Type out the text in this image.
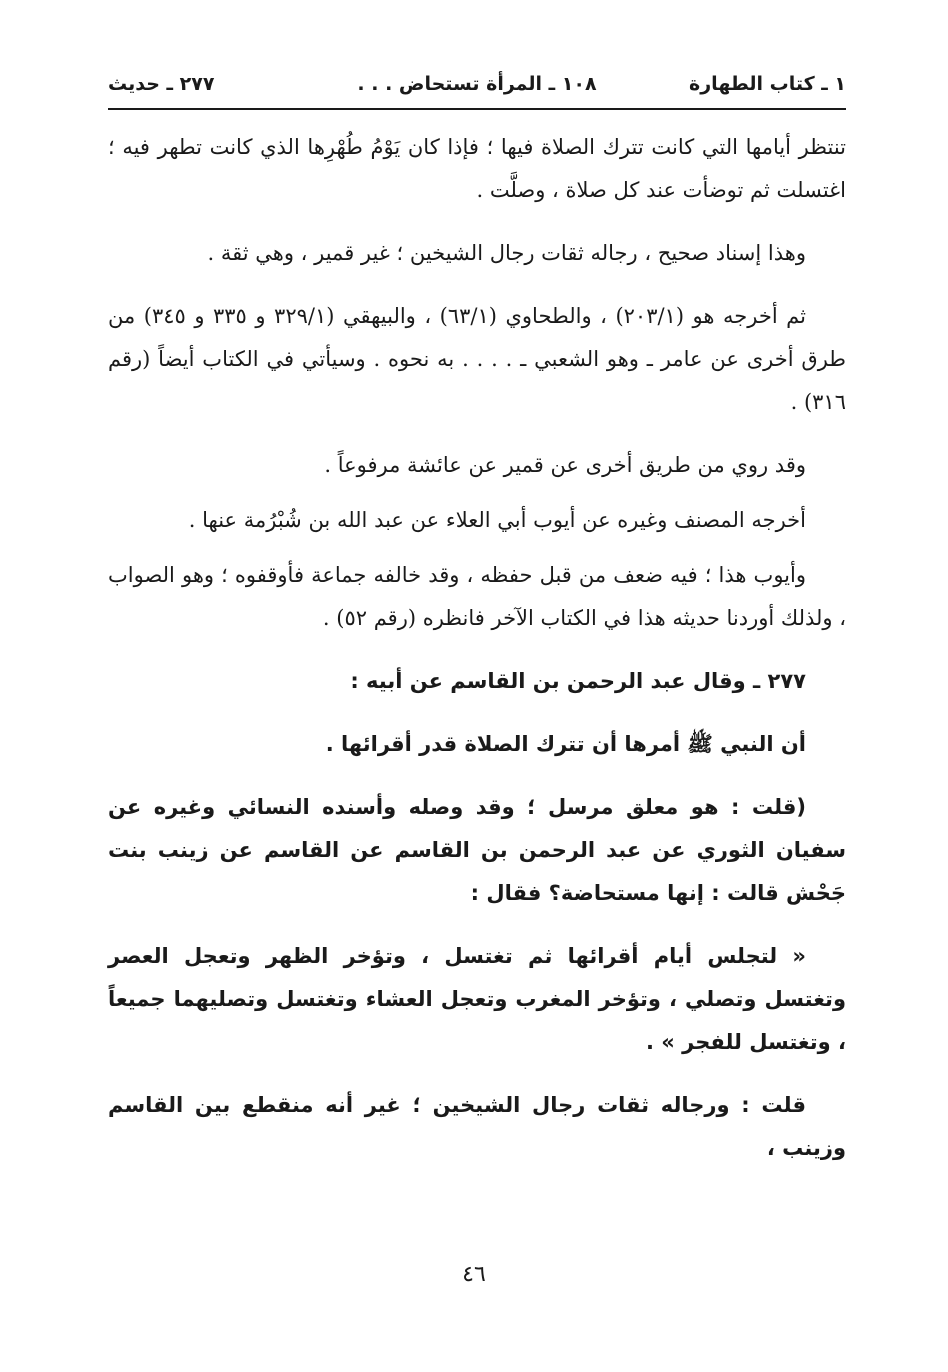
١ ـ كتاب الطهارة
١٠٨ ـ المرأة تستحاض . . .
٢٧٧ ـ حديث

تنتظر أيامها التي كانت تترك الصلاة فيها ؛ فإذا كان يَوْمُ طُهْرِها الذي كانت تطهر فيه ؛ اغتسلت ثم توضأت عند كل صلاة ، وصلَّت .

وهذا إسناد صحيح ، رجاله ثقات رجال الشيخين ؛ غير قمير ، وهي ثقة .

ثم أخرجه هو (٢٠٣/١) ، والطحاوي (٦٣/١) ، والبيهقي (٣٢٩/١ و ٣٣٥ و ٣٤٥) من طرق أخرى عن عامر ـ وهو الشعبي ـ . . . . به نحوه . وسيأتي في الكتاب أيضاً (رقم ٣١٦) .

وقد روي من طريق أخرى عن قمير عن عائشة مرفوعاً .

أخرجه المصنف وغيره عن أيوب أبي العلاء عن عبد الله بن شُبْرُمة عنها .

وأيوب هذا ؛ فيه ضعف من قبل حفظه ، وقد خالفه جماعة فأوقفوه ؛ وهو الصواب ، ولذلك أوردنا حديثه هذا في الكتاب الآخر فانظره (رقم ٥٢) .

٢٧٧ ـ وقال عبد الرحمن بن القاسم عن أبيه :

أن النبي ﷺ أمرها أن تترك الصلاة قدر أقرائها .

(قلت : هو معلق مرسل ؛ وقد وصله وأسنده النسائي وغيره عن سفيان الثوري عن عبد الرحمن بن القاسم عن القاسم عن زينب بنت جَحْش قالت : إنها مستحاضة؟ فقال :

« لتجلس أيام أقرائها ثم تغتسل ، وتؤخر الظهر وتعجل العصر وتغتسل وتصلي ، وتؤخر المغرب وتعجل العشاء وتغتسل وتصليهما جميعاً ، وتغتسل للفجر » .

قلت : ورجاله ثقات رجال الشيخين ؛ غير أنه منقطع بين القاسم وزينب ،

٤٦
